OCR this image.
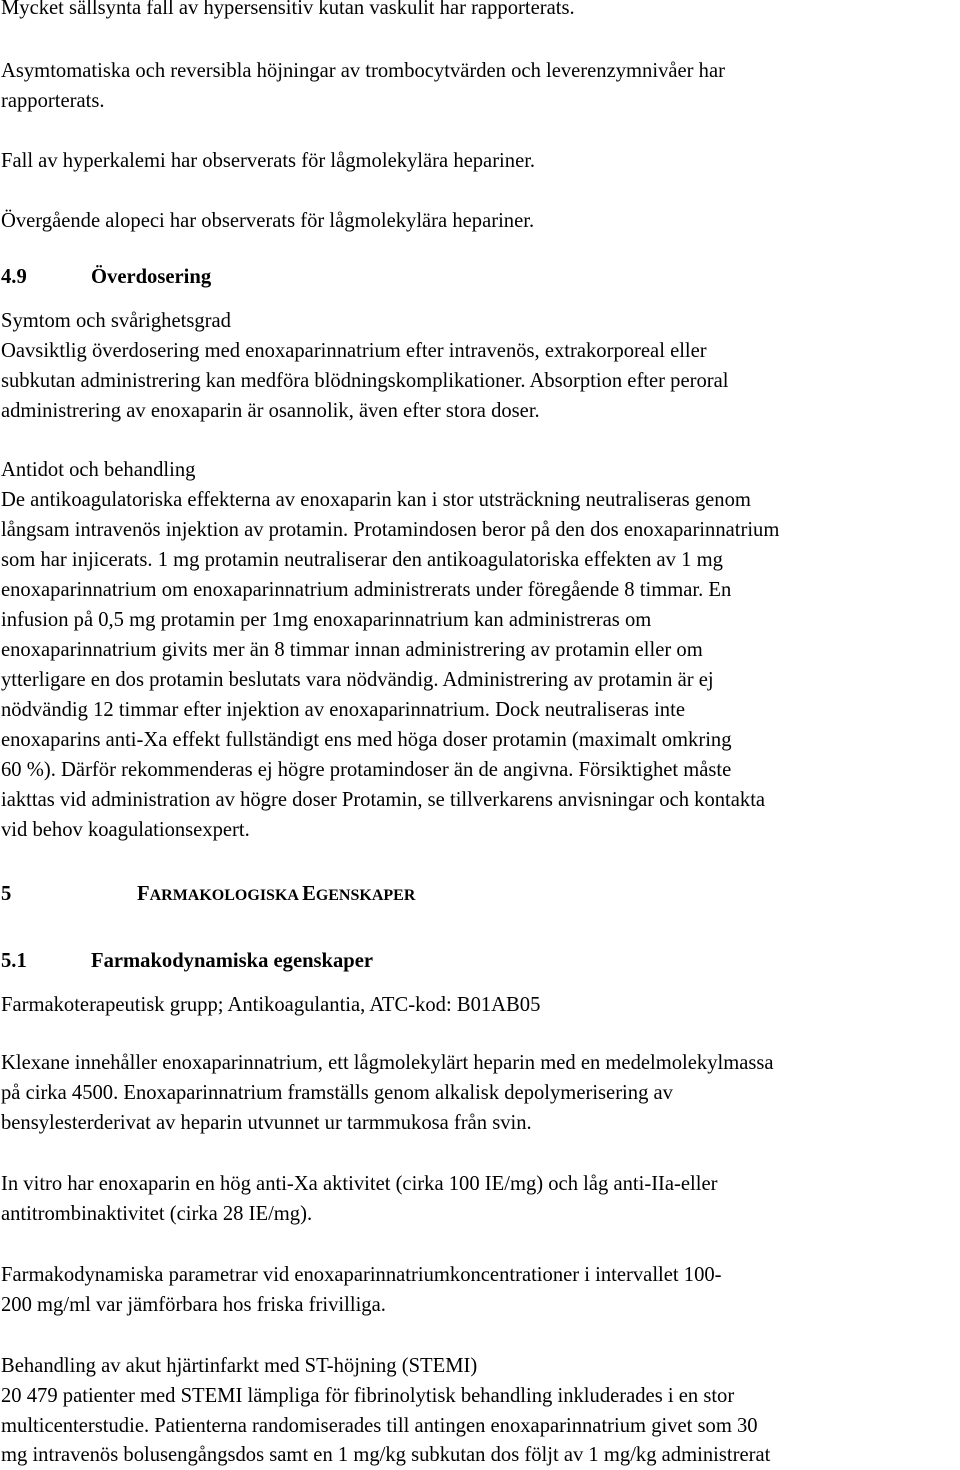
Mycket sällsynta fall av hypersensitiv kutan vaskulit har rapporterats.
Asymtomatiska och reversibla höjningar av trombocytvärden och leverenzymnivåer har
rapporterats.
Fall av hyperkalemi har observerats för lågmolekylära hepariner.
Övergående alopeci har observerats för lågmolekylära hepariner.
4.9	Överdosering
Symtom och svårighetsgrad
Oavsiktlig överdosering med enoxaparinnatrium efter intravenös, extrakorporeal eller
subkutan administrering kan medföra blödningskomplikationer. Absorption efter peroral
administrering av enoxaparin är osannolik, även efter stora doser.
Antidot och behandling
De antikoagulatoriska effekterna av enoxaparin kan i stor utsträckning neutraliseras genom
långsam intravenös injektion av protamin. Protamindosen beror på den dos enoxaparinnatrium
som har injicerats. 1 mg protamin neutraliserar den antikoagulatoriska effekten av 1 mg
enoxaparinnatrium om enoxaparinnatrium administrerats under föregående 8 timmar. En
infusion på 0,5 mg protamin per 1mg enoxaparinnatrium kan administreras om
enoxaparinnatrium givits mer än 8 timmar innan administrering av protamin eller om
ytterligare en dos protamin beslutats vara nödvändig. Administrering av protamin är ej
nödvändig 12 timmar efter injektion av enoxaparinnatrium. Dock neutraliseras inte
enoxaparins anti-Xa effekt fullständigt ens med höga doser protamin (maximalt omkring
60 %). Därför rekommenderas ej högre protamindoser än de angivna. Försiktighet måste
iakttas vid administration av högre doser Protamin, se tillverkarens anvisningar och kontakta
vid behov koagulationsexpert.
5	FARMAKOLOGISKA EGENSKAPER
5.1	Farmakodynamiska egenskaper
Farmakoterapeutisk grupp; Antikoagulantia, ATC-kod: B01AB05
Klexane innehåller enoxaparinnatrium, ett lågmolekylärt heparin med en medelmolekylmassa
på cirka 4500. Enoxaparinnatrium framställs genom alkalisk depolymerisering av
bensylesterderivat av heparin utvunnet ur tarmmukosa från svin.
In vitro har enoxaparin en hög anti-Xa aktivitet (cirka 100 IE/mg) och låg anti-IIa-eller
antitrombinaktivitet (cirka 28 IE/mg).
Farmakodynamiska parametrar vid enoxaparinnatriumkoncentrationer i intervallet 100-
200 mg/ml var jämförbara hos friska frivilliga.
Behandling av akut hjärtinfarkt med ST-höjning (STEMI)
20 479 patienter med STEMI lämpliga för fibrinolytisk behandling inkluderades i en stor
multicenterstudie. Patienterna randomiserades till antingen enoxaparinnatrium givet som 30
mg intravenös bolusengångsdos samt en 1 mg/kg subkutan dos följt av 1 mg/kg administrerat
